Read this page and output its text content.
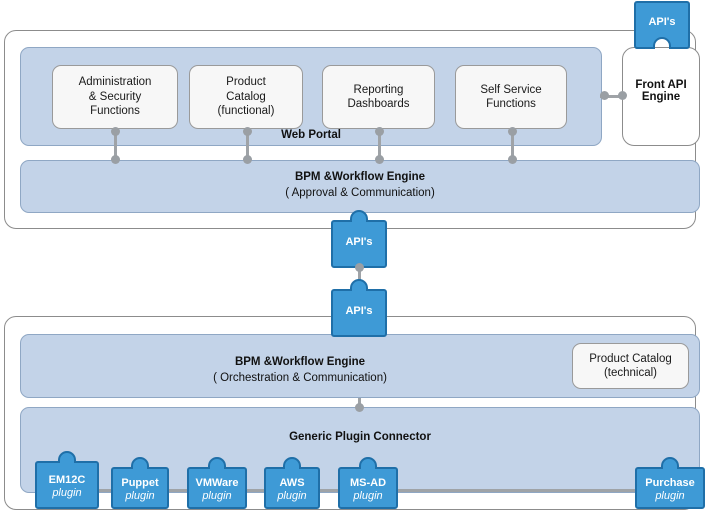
Front API
Engine
Administration
& Security
Functions
Product
Catalog
(functional)
Reporting
Dashboards
Self Service
Functions
Web Portal
BPM &Workflow Engine
( Approval & Communication)
BPM &Workflow Engine
( Orchestration & Communication)
Product Catalog
(technical)
Generic Plugin Connector
API's
API's
API's
EM12C
plugin
Puppet
plugin
VMWare
plugin
AWS
plugin
MS-AD
plugin
Purchase
plugin
